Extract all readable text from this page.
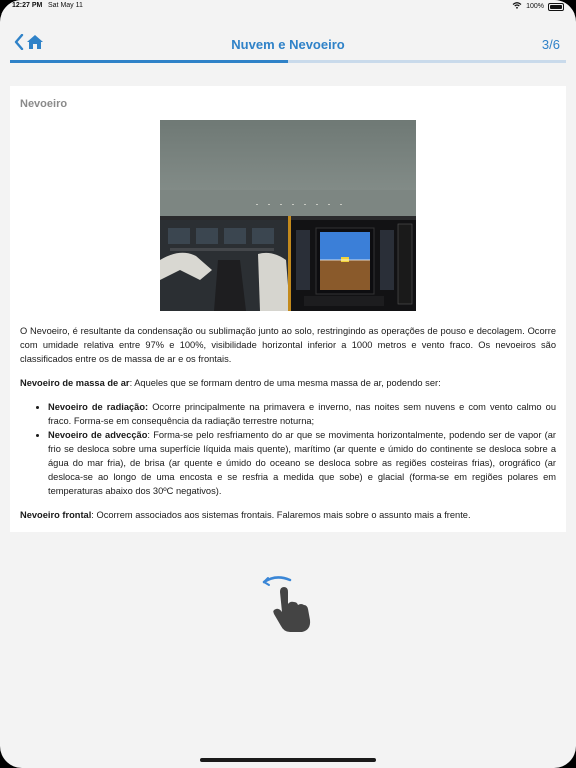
12:27 PM Sat May 11	100%
Nuvem e Nevoeiro	3/6
Nevoeiro
O Nevoeiro, é resultante da condensação ou sublimação junto ao solo, restringindo as operações de pouso e decolagem. Ocorre com umidade relativa entre 97% e 100%, visibilidade horizontal inferior a 1000 metros e vento fraco. Os nevoeiros são classificados entre os de massa de ar e os frontais.
Nevoeiro de massa de ar: Aqueles que se formam dentro de uma mesma massa de ar, podendo ser:
• Nevoeiro de radiação: Ocorre principalmente na primavera e inverno, nas noites sem nuvens e com vento calmo ou fraco. Forma-se em consequência da radiação terrestre noturna;
• Nevoeiro de advecção: Forma-se pelo resfriamento do ar que se movimenta horizontalmente, podendo ser de vapor (ar frio se desloca sobre uma superfície líquida mais quente), marítimo (ar quente e úmido do continente se desloca sobre a água do mar fria), de brisa (ar quente e úmido do oceano se desloca sobre as regiões costeiras frias), orográfico (ar desloca-se ao longo de uma encosta e se resfria a medida que sobe) e glacial (forma-se em regiões polares em temperaturas abaixo dos 30ºC negativos).
Nevoeiro frontal: Ocorrem associados aos sistemas frontais. Falaremos mais sobre o assunto mais a frente.
